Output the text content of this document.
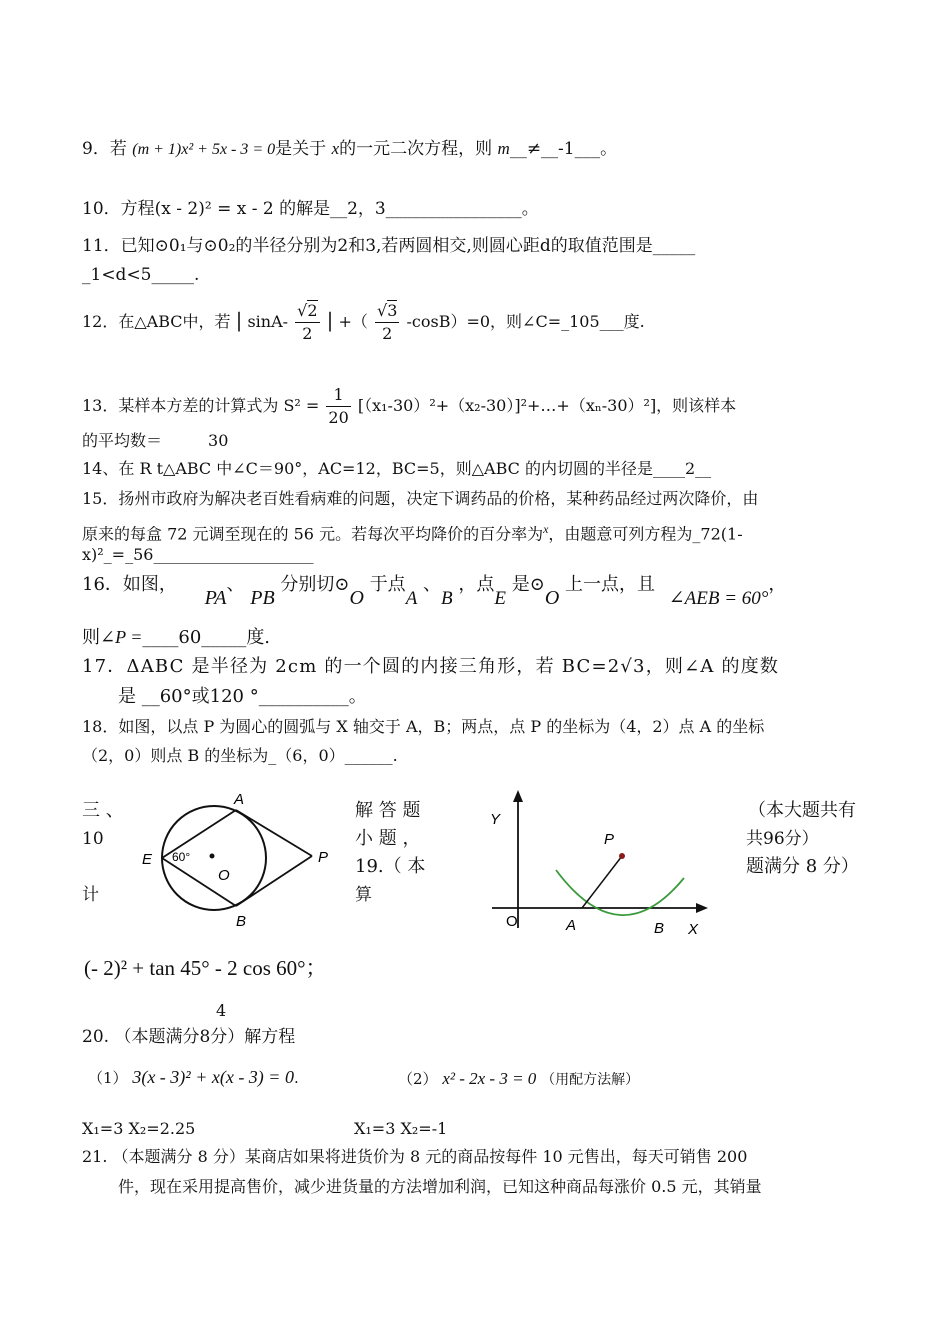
9．若 (m + 1)x² + 5x - 3 = 0是关于 x的一元二次方程，则 m__≠__-1___。
10．方程(x - 2)² = x - 2 的解是__2，3________________。
11．已知⊙0₁与⊙0₂的半径分别为2和3,若两圆相交,则圆心距d的取值范围是_____
_1<d<5_____.
12．在△ABC中，若 | $\sin A- \frac{√2}{2}$ | +（ $\frac{√3}{2} -\cos B)=0$，则∠C=_105___度.
13．某样本方差的计算式为 $S^2 = \frac{1}{20}$ [（x₁-30）²+（x₂-30）]²+…+（xₙ-30）²]，则该样本
的平均数＝	30
14、在 R t△ABC 中∠C＝90°，AC=12，BC=5，则△ABC 的内切圆的半径是____2__
15．扬州市政府为解决老百姓看病难的问题，决定下调药品的价格，某种药品经过两次降价，由
原来的每盒 72 元调至现在的 56 元。若每次平均降价的百分率为$^x$，由题意可列方程为_72(1-
x)²_=_56____________________
16．如图， PA、 PB 分别切⊙O 于点A 、B ，点E 是⊙O 上一点，且 ∠AEB = 60°，
则∠P =____60_____度.
17．ΔABC 是半径为 2cm 的一个圆的内接三角形，若 BC=2√3，则∠A 的度数
是 __60°或120 °__________。
18．如图，以点 P 为圆心的圆弧与 X 轴交于 A，B；两点，点 P 的坐标为（4，2）点 A 的坐标
（2，0）则点 B 的坐标为_（6，0）______.
三 、
10
计
解 答 题
小 题 ，
19.（ 本
算
（本大题共有
共96分）
题满分 8 分）
A
B
E
O
P
60°
Y
P
O	A	B X
(- 2)² + tan 45° - 2 cos 60°；
4
20. （本题满分8分）解方程
（1） 3(x - 3)² + x(x - 3) = 0.	（2） x² - 2x - 3 = 0 （用配方法解）
X₁=3 X₂=2.25	X₁=3 X₂=-1
21. （本题满分 8 分）某商店如果将进货价为 8 元的商品按每件 10 元售出，每天可销售 200
件，现在采用提高售价，减少进货量的方法增加利润，已知这种商品每涨价 0.5 元，其销量
